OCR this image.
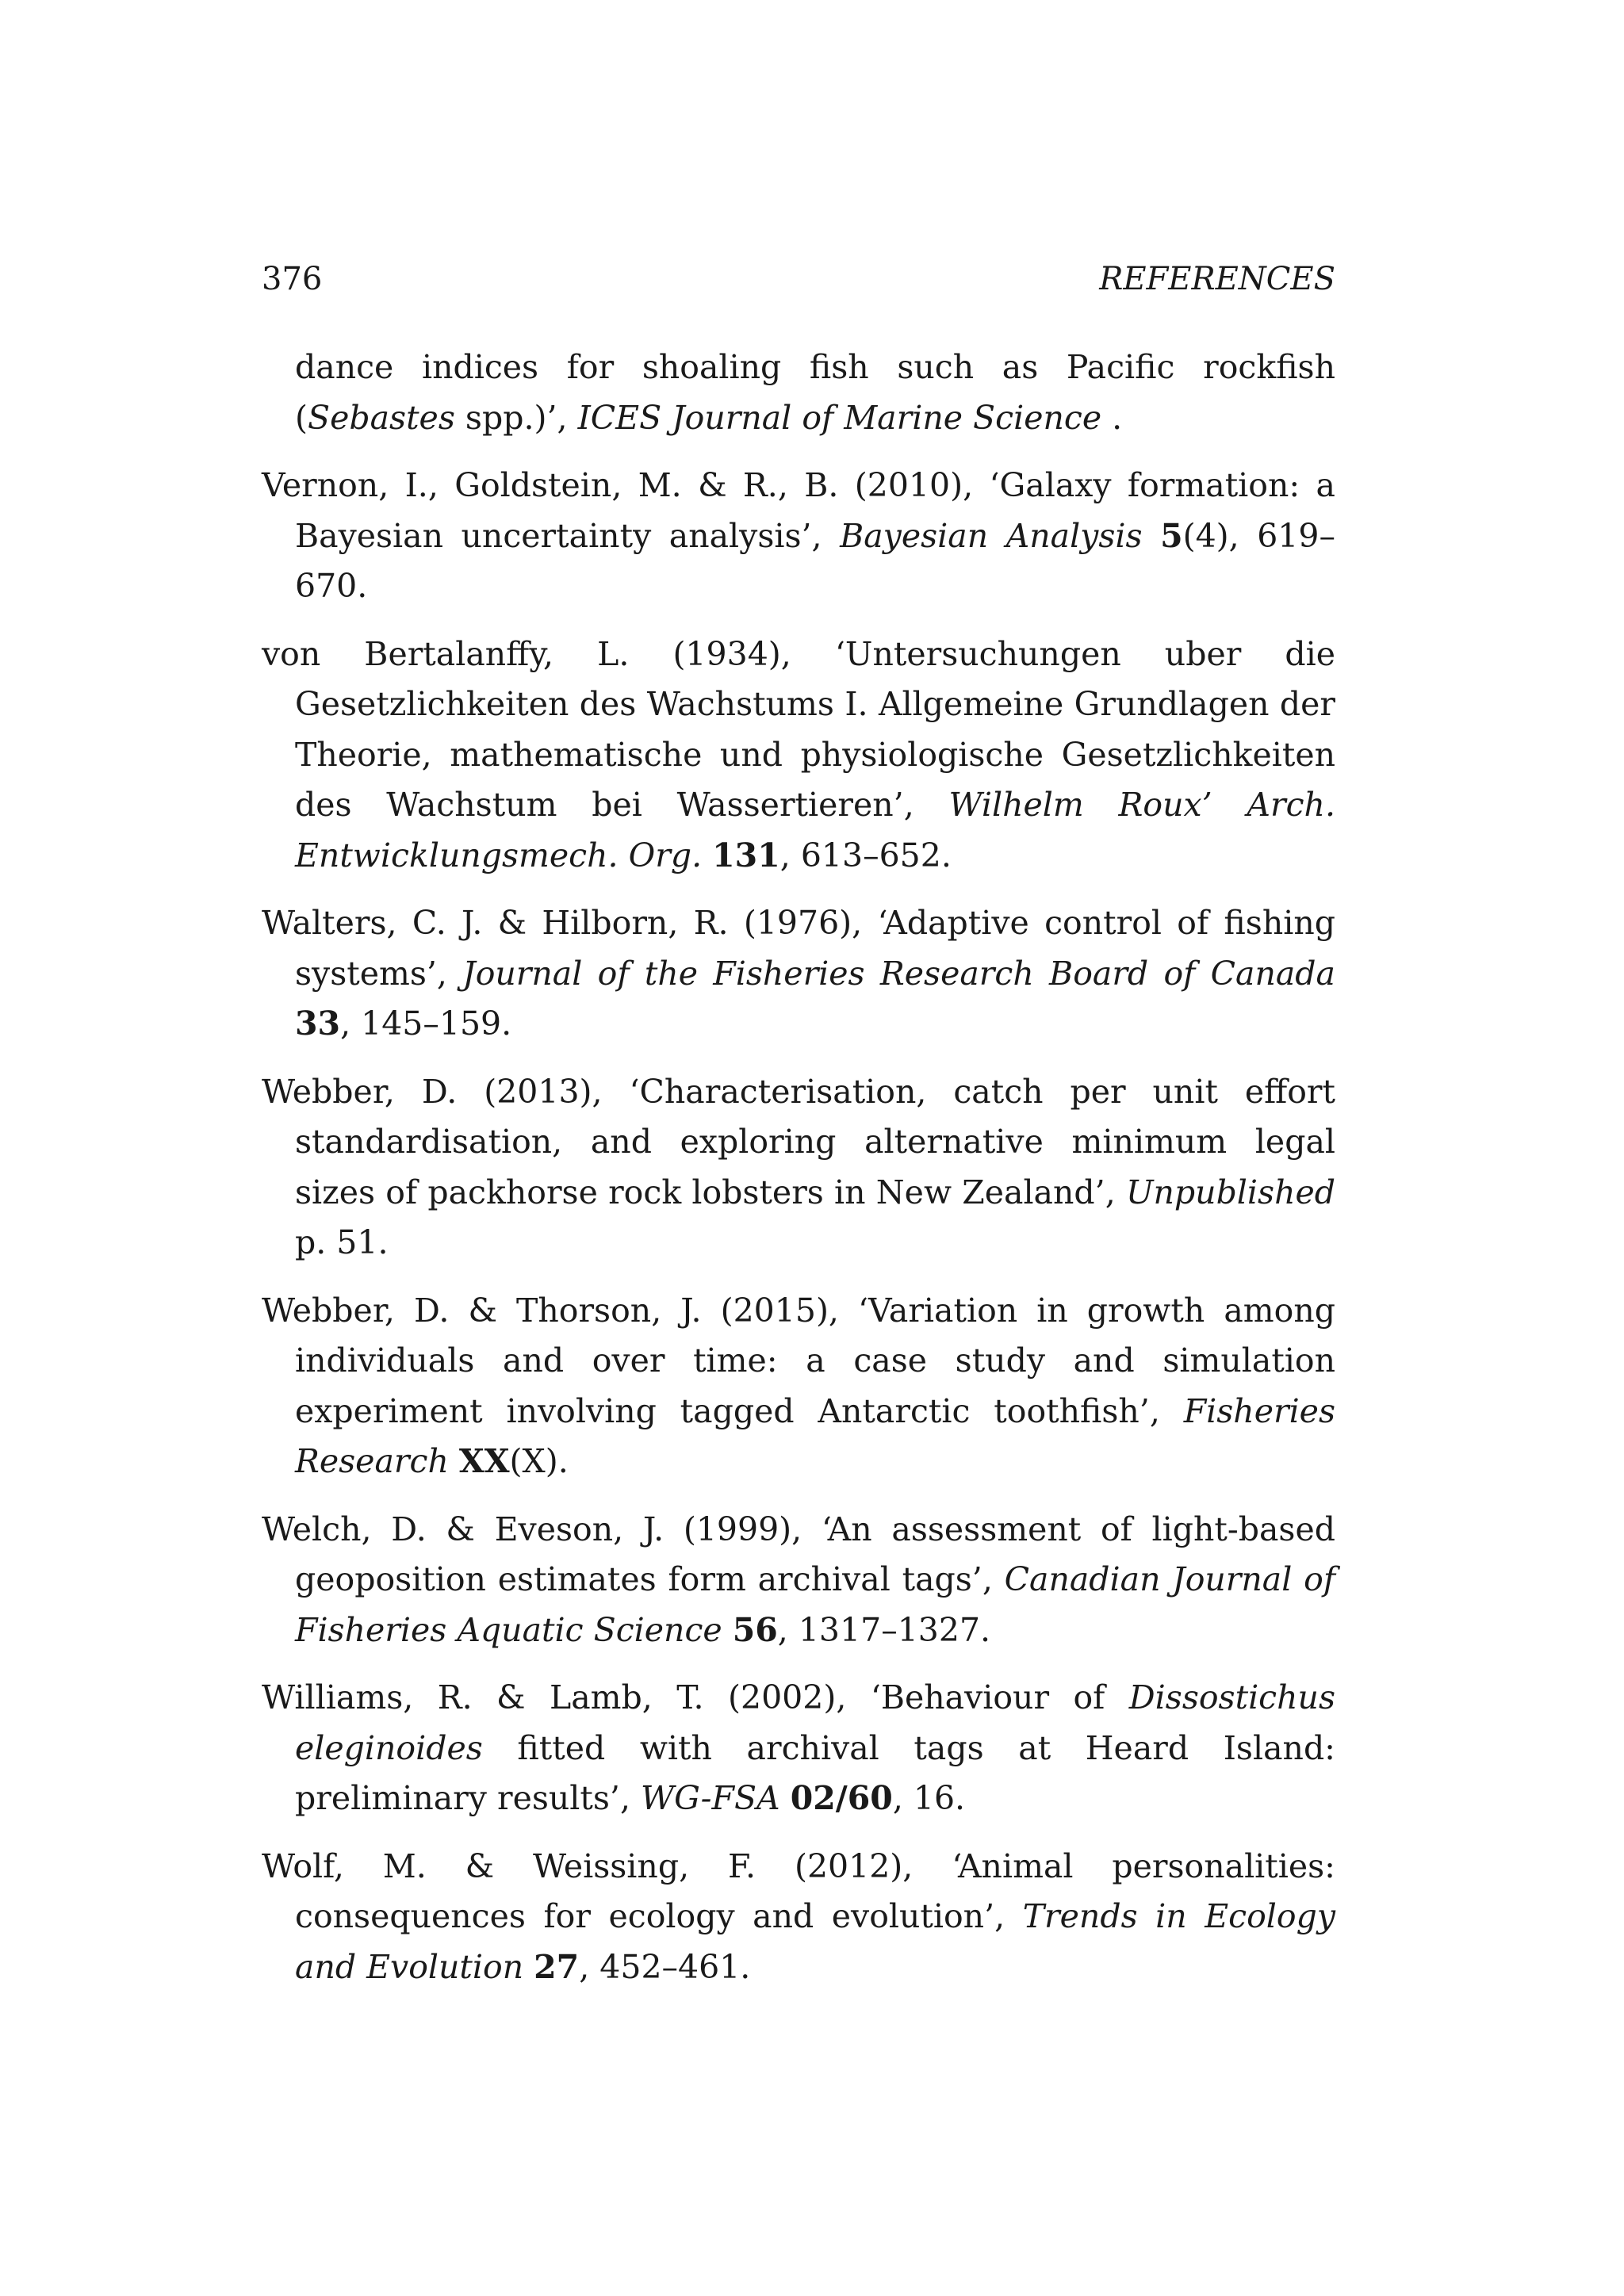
376	REFERENCES
dance indices for shoaling fish such as Pacific rockfish (Sebastes spp.)’, ICES Journal of Marine Science .
Vernon, I., Goldstein, M. & R., B. (2010), ‘Galaxy formation: a Bayesian uncertainty analysis’, Bayesian Analysis 5(4), 619–670.
von Bertalanffy, L. (1934), ‘Untersuchungen uber die Gesetzlichkeiten des Wachstums I. Allgemeine Grundlagen der Theorie, mathematische und physiologische Gesetzlichkeiten des Wachstum bei Wassertieren’, Wilhelm Roux’ Arch. Entwicklungsmech. Org. 131, 613–652.
Walters, C. J. & Hilborn, R. (1976), ‘Adaptive control of fishing systems’, Journal of the Fisheries Research Board of Canada 33, 145–159.
Webber, D. (2013), ‘Characterisation, catch per unit effort standardisation, and exploring alternative minimum legal sizes of packhorse rock lobsters in New Zealand’, Unpublished p. 51.
Webber, D. & Thorson, J. (2015), ‘Variation in growth among individuals and over time: a case study and simulation experiment involving tagged Antarctic toothfish’, Fisheries Research XX(X).
Welch, D. & Eveson, J. (1999), ‘An assessment of light-based geoposition estimates form archival tags’, Canadian Journal of Fisheries Aquatic Science 56, 1317–1327.
Williams, R. & Lamb, T. (2002), ‘Behaviour of Dissostichus eleginoides fitted with archival tags at Heard Island: preliminary results’, WG-FSA 02/60, 16.
Wolf, M. & Weissing, F. (2012), ‘Animal personalities: consequences for ecology and evolution’, Trends in Ecology and Evolution 27, 452–461.
